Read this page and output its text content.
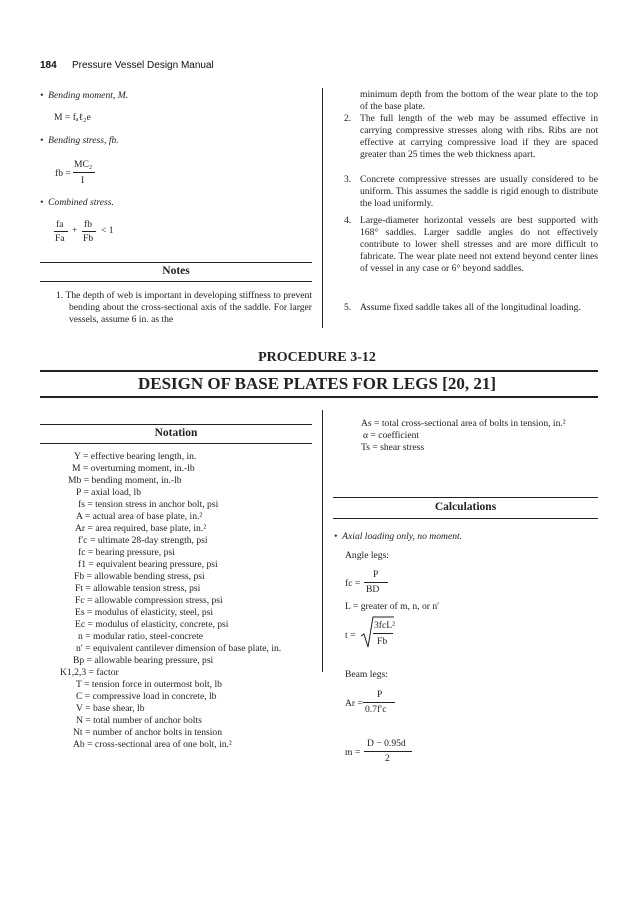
184 Pressure Vessel Design Manual
•  Bending moment, M.
M = fₐℓ₂e
•  Bending stress, fb.
fb =
MC₂
I
•  Combined stress.
fa
Fa
+
fb
Fb
< 1
Notes
1. The depth of web is important in developing stiffness to prevent bending about the cross-sectional axis of the saddle. For larger vessels, assume 6 in. as the
minimum depth from the bottom of the wear plate to the top of the base plate.
2. The full length of the web may be assumed effective in carrying compressive stresses along with ribs. Ribs are not effective at carrying compressive load if they are spaced greater than 25 times the web thickness apart.
3. Concrete compressive stresses are usually considered to be uniform. This assumes the saddle is rigid enough to distribute the load uniformly.
4. Large-diameter horizontal vessels are best supported with 168° saddles. Larger saddle angles do not effectively contribute to lower shell stresses and are more difficult to fabricate. The wear plate need not extend beyond center lines of vessel in any case or 6° beyond saddles.
5. Assume fixed saddle takes all of the longitudinal loading.
PROCEDURE 3-12
DESIGN OF BASE PLATES FOR LEGS [20, 21]
Notation
Y = effective bearing length, in.
M = overturning moment, in.-lb
Mb = bending moment, in.-lb
P = axial load, lb
fs = tension stress in anchor bolt, psi
A = actual area of base plate, in.²
Ar = area required, base plate, in.²
f′c = ultimate 28-day strength, psi
fc = bearing pressure, psi
f1 = equivalent bearing pressure, psi
Fb = allowable bending stress, psi
Ft = allowable tension stress, psi
Fc = allowable compression stress, psi
Es = modulus of elasticity, steel, psi
Ec = modulus of elasticity, concrete, psi
n = modular ratio, steel-concrete
n′ = equivalent cantilever dimension of base plate, in.
Bp = allowable bearing pressure, psi
K1,2,3 = factor
T = tension force in outermost bolt, lb
C = compressive load in concrete, lb
V = base shear, lb
N = total number of anchor bolts
Nt = number of anchor bolts in tension
Ab = cross-sectional area of one bolt, in.²
As = total cross-sectional area of bolts in tension, in.²
α = coefficient
Ts = shear stress
Calculations
•  Axial loading only, no moment.
Angle legs:
fc =
P
BD
L = greater of m, n, or n′
t =
3fcL²
Fb
Beam legs:
Ar =
P
0.7f′c
m =
D − 0.95d
2
